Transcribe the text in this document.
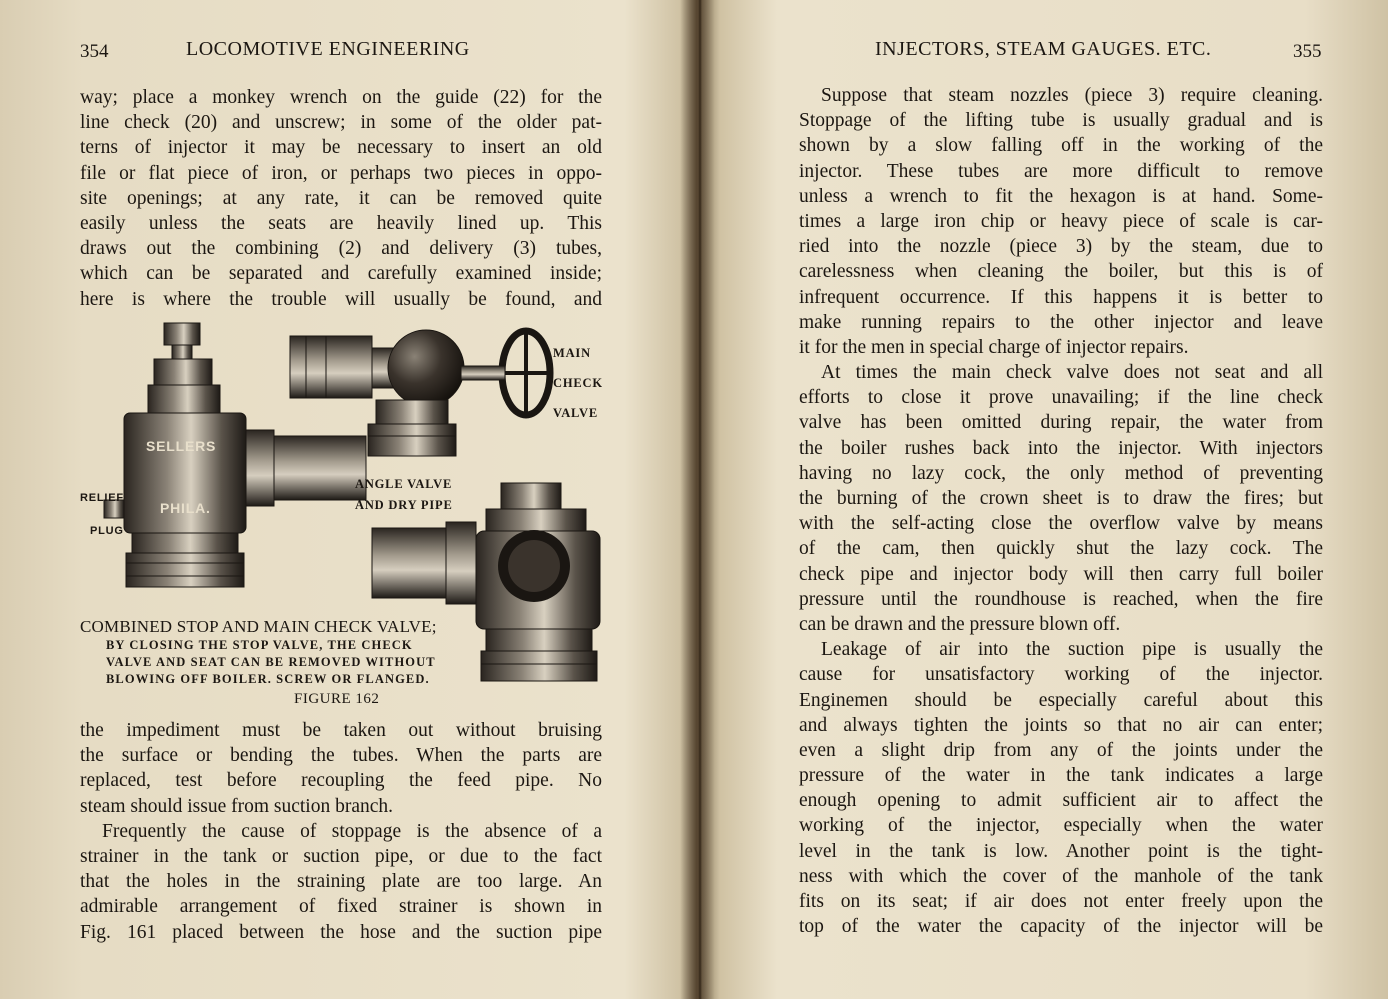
354	LOCOMOTIVE ENGINEERING
way; place a monkey wrench on the guide (22) for the
line check (20) and unscrew; in some of the older pat-
terns of injector it may be necessary to insert an old
file or flat piece of iron, or perhaps two pieces in oppo-
site openings; at any rate, it can be removed quite
easily unless the seats are heavily lined up. This
draws out the combining (2) and delivery (3) tubes,
which can be separated and carefully examined inside;
here is where the trouble will usually be found, and
MAIN
CHECK
VALVE
ANGLE VALVE
AND DRY PIPE
RELIEF
PLUG
SELLERS
PHILA.
COMBINED STOP AND MAIN CHECK VALVE;
BY CLOSING THE STOP VALVE, THE CHECK
VALVE AND SEAT CAN BE REMOVED WITHOUT
BLOWING OFF BOILER. SCREW OR FLANGED.
FIGURE 162
the impediment must be taken out without bruising
the surface or bending the tubes. When the parts are
replaced, test before recoupling the feed pipe. No
steam should issue from suction branch.
Frequently the cause of stoppage is the absence of a
strainer in the tank or suction pipe, or due to the fact
that the holes in the straining plate are too large. An
admirable arrangement of fixed strainer is shown in
Fig. 161 placed between the hose and the suction pipe
INJECTORS, STEAM GAUGES. ETC.	355
Suppose that steam nozzles (piece 3) require cleaning.
Stoppage of the lifting tube is usually gradual and is
shown by a slow falling off in the working of the
injector. These tubes are more difficult to remove
unless a wrench to fit the hexagon is at hand. Some-
times a large iron chip or heavy piece of scale is car-
ried into the nozzle (piece 3) by the steam, due to
carelessness when cleaning the boiler, but this is of
infrequent occurrence. If this happens it is better to
make running repairs to the other injector and leave
it for the men in special charge of injector repairs.
At times the main check valve does not seat and all
efforts to close it prove unavailing; if the line check
valve has been omitted during repair, the water from
the boiler rushes back into the injector. With injectors
having no lazy cock, the only method of preventing
the burning of the crown sheet is to draw the fires; but
with the self-acting close the overflow valve by means
of the cam, then quickly shut the lazy cock. The
check pipe and injector body will then carry full boiler
pressure until the roundhouse is reached, when the fire
can be drawn and the pressure blown off.
Leakage of air into the suction pipe is usually the
cause for unsatisfactory working of the injector.
Enginemen should be especially careful about this
and always tighten the joints so that no air can enter;
even a slight drip from any of the joints under the
pressure of the water in the tank indicates a large
enough opening to admit sufficient air to affect the
working of the injector, especially when the water
level in the tank is low. Another point is the tight-
ness with which the cover of the manhole of the tank
fits on its seat; if air does not enter freely upon the
top of the water the capacity of the injector will be
